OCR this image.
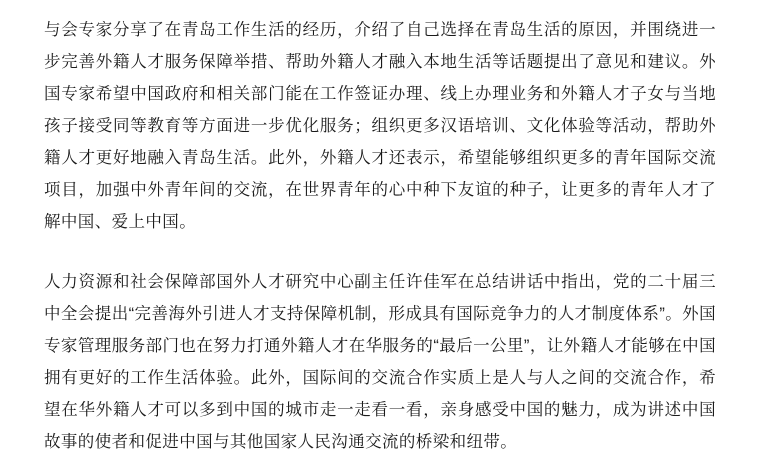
与会专家分享了在青岛工作生活的经历，介绍了自己选择在青岛生活的原因，并围绕进一步完善外籍人才服务保障举措、帮助外籍人才融入本地生活等话题提出了意见和建议。外国专家希望中国政府和相关部门能在工作签证办理、线上办理业务和外籍人才子女与当地孩子接受同等教育等方面进一步优化服务；组织更多汉语培训、文化体验等活动，帮助外籍人才更好地融入青岛生活。此外，外籍人才还表示，希望能够组织更多的青年国际交流项目，加强中外青年间的交流，在世界青年的心中种下友谊的种子，让更多的青年人才了解中国、爱上中国。

人力资源和社会保障部国外人才研究中心副主任许佳军在总结讲话中指出，党的二十届三中全会提出“完善海外引进人才支持保障机制，形成具有国际竞争力的人才制度体系”。外国专家管理服务部门也在努力打通外籍人才在华服务的“最后一公里”，让外籍人才能够在中国拥有更好的工作生活体验。此外，国际间的交流合作实质上是人与人之间的交流合作，希望在华外籍人才可以多到中国的城市走一走看一看，亲身感受中国的魅力，成为讲述中国故事的使者和促进中国与其他国家人民沟通交流的桥梁和纽带。
